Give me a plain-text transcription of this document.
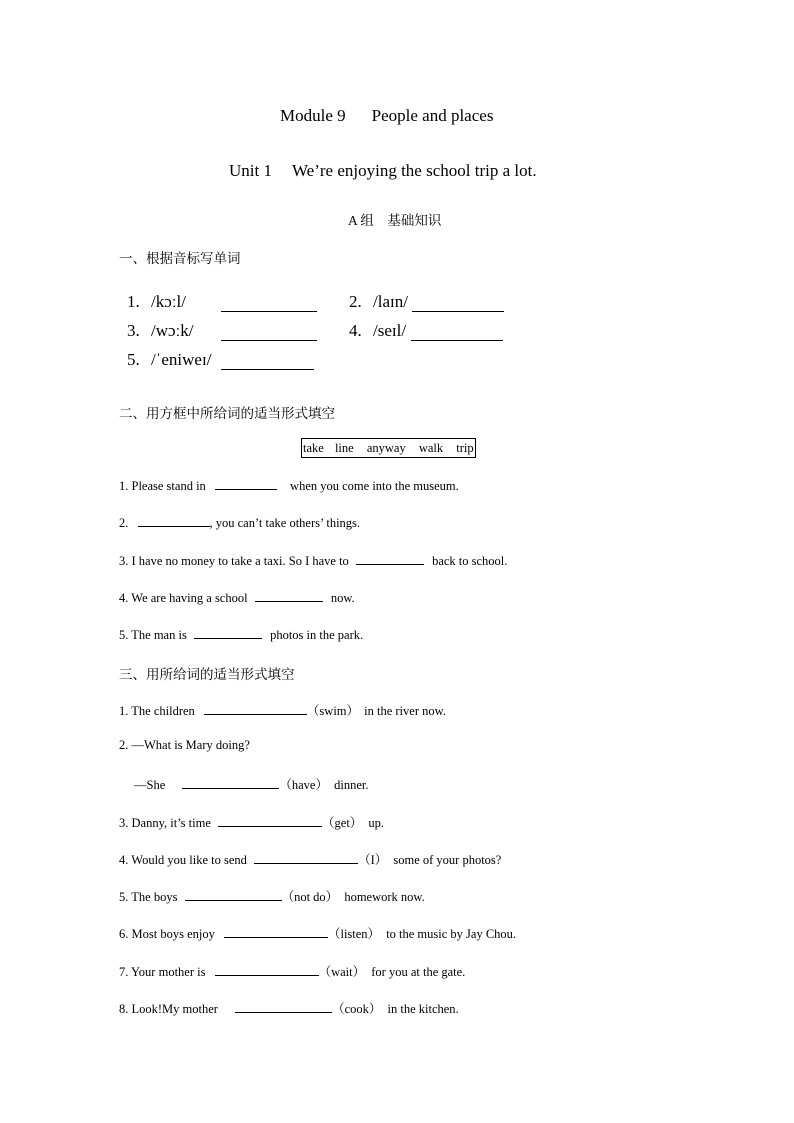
Module 9 People and places
Unit 1 We’re enjoying the school trip a lot.
A 组　基础知识
一、根据音标写单词
1. /kɔːl/	2. /laɪn/
3. /wɔːk/	4. /seɪl/
5. /ˈeniweɪ/
二、用方框中所给词的适当形式填空
take line anyway walk trip
1. Please stand in	when you come into the museum.
2.	, you can’t take others’ things.
3. I have no money to take a taxi. So I have to	back to school.
4. We are having a school	now.
5. The man is	photos in the park.
三、用所给词的适当形式填空
1. The children	（swim） in the river now.
2. —What is Mary doing?
—She	（have） dinner.
3. Danny, it’s time	（get） up.
4. Would you like to send	（I） some of your photos?
5. The boys	（not do） homework now.
6. Most boys enjoy	（listen） to the music by Jay Chou.
7. Your mother is	（wait） for you at the gate.
8. Look!My mother	（cook） in the kitchen.
